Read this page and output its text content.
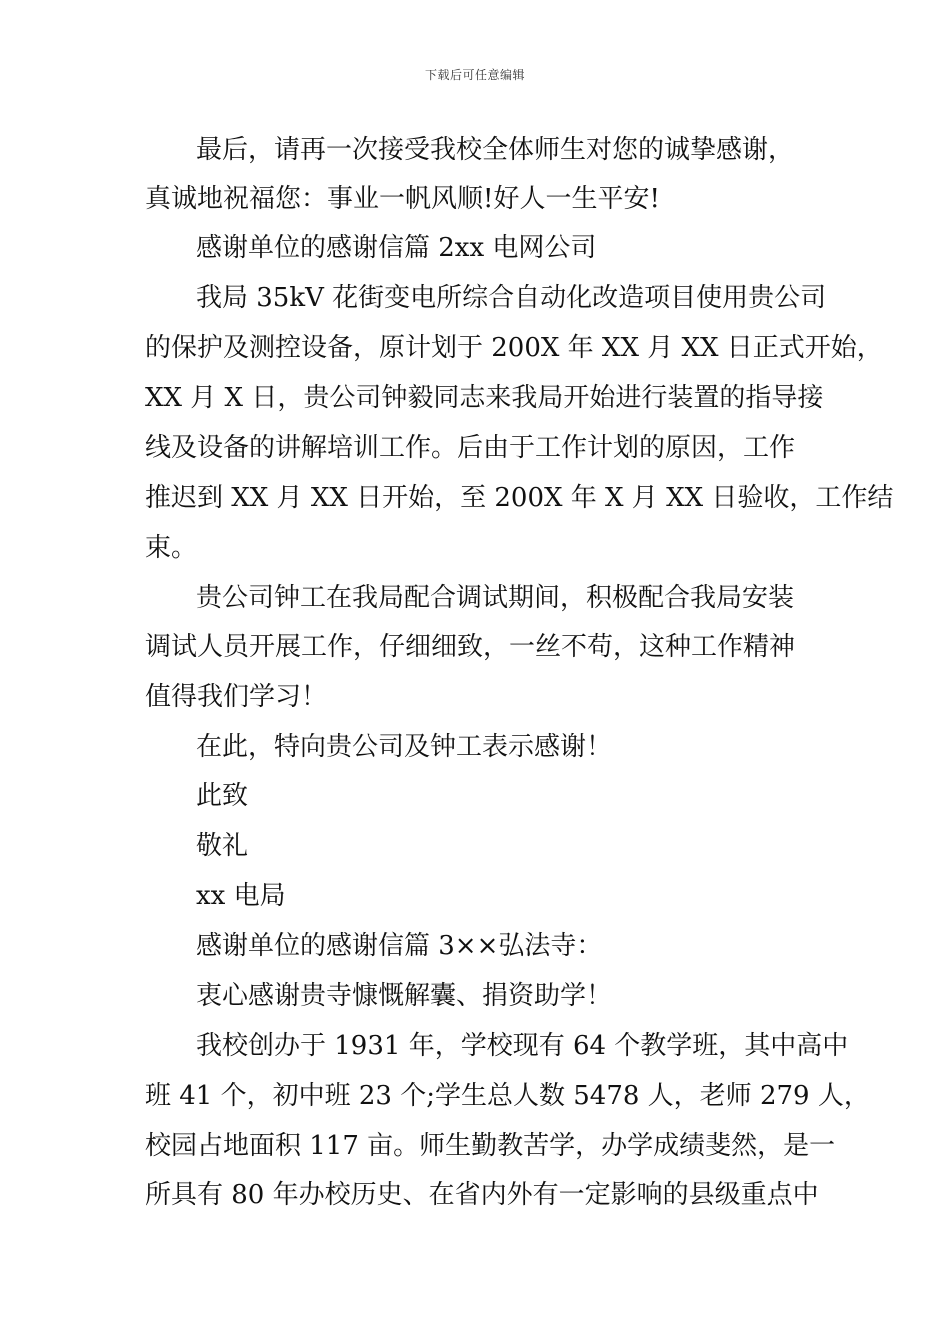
下载后可任意编辑
最后，请再一次接受我校全体师生对您的诚挚感谢，
真诚地祝福您：事业一帆风顺!好人一生平安!
感谢单位的感谢信篇 2xx 电网公司
我局 35kV 花街变电所综合自动化改造项目使用贵公司
的保护及测控设备，原计划于 200X 年 XX 月 XX 日正式开始，
XX 月 X 日，贵公司钟毅同志来我局开始进行装置的指导接
线及设备的讲解培训工作。后由于工作计划的原因，工作
推迟到 XX 月 XX 日开始，至 200X 年 X 月 XX 日验收，工作结
束。
贵公司钟工在我局配合调试期间，积极配合我局安装
调试人员开展工作，仔细细致，一丝不苟，这种工作精神
值得我们学习！
在此，特向贵公司及钟工表示感谢！
此致
敬礼
xx 电局
感谢单位的感谢信篇 3××弘法寺：
衷心感谢贵寺慷慨解囊、捐资助学！
我校创办于 1931 年，学校现有 64 个教学班，其中高中
班 41 个，初中班 23 个;学生总人数 5478 人，老师 279 人，
校园占地面积 117 亩。师生勤教苦学，办学成绩斐然，是一
所具有 80 年办校历史、在省内外有一定影响的县级重点中
